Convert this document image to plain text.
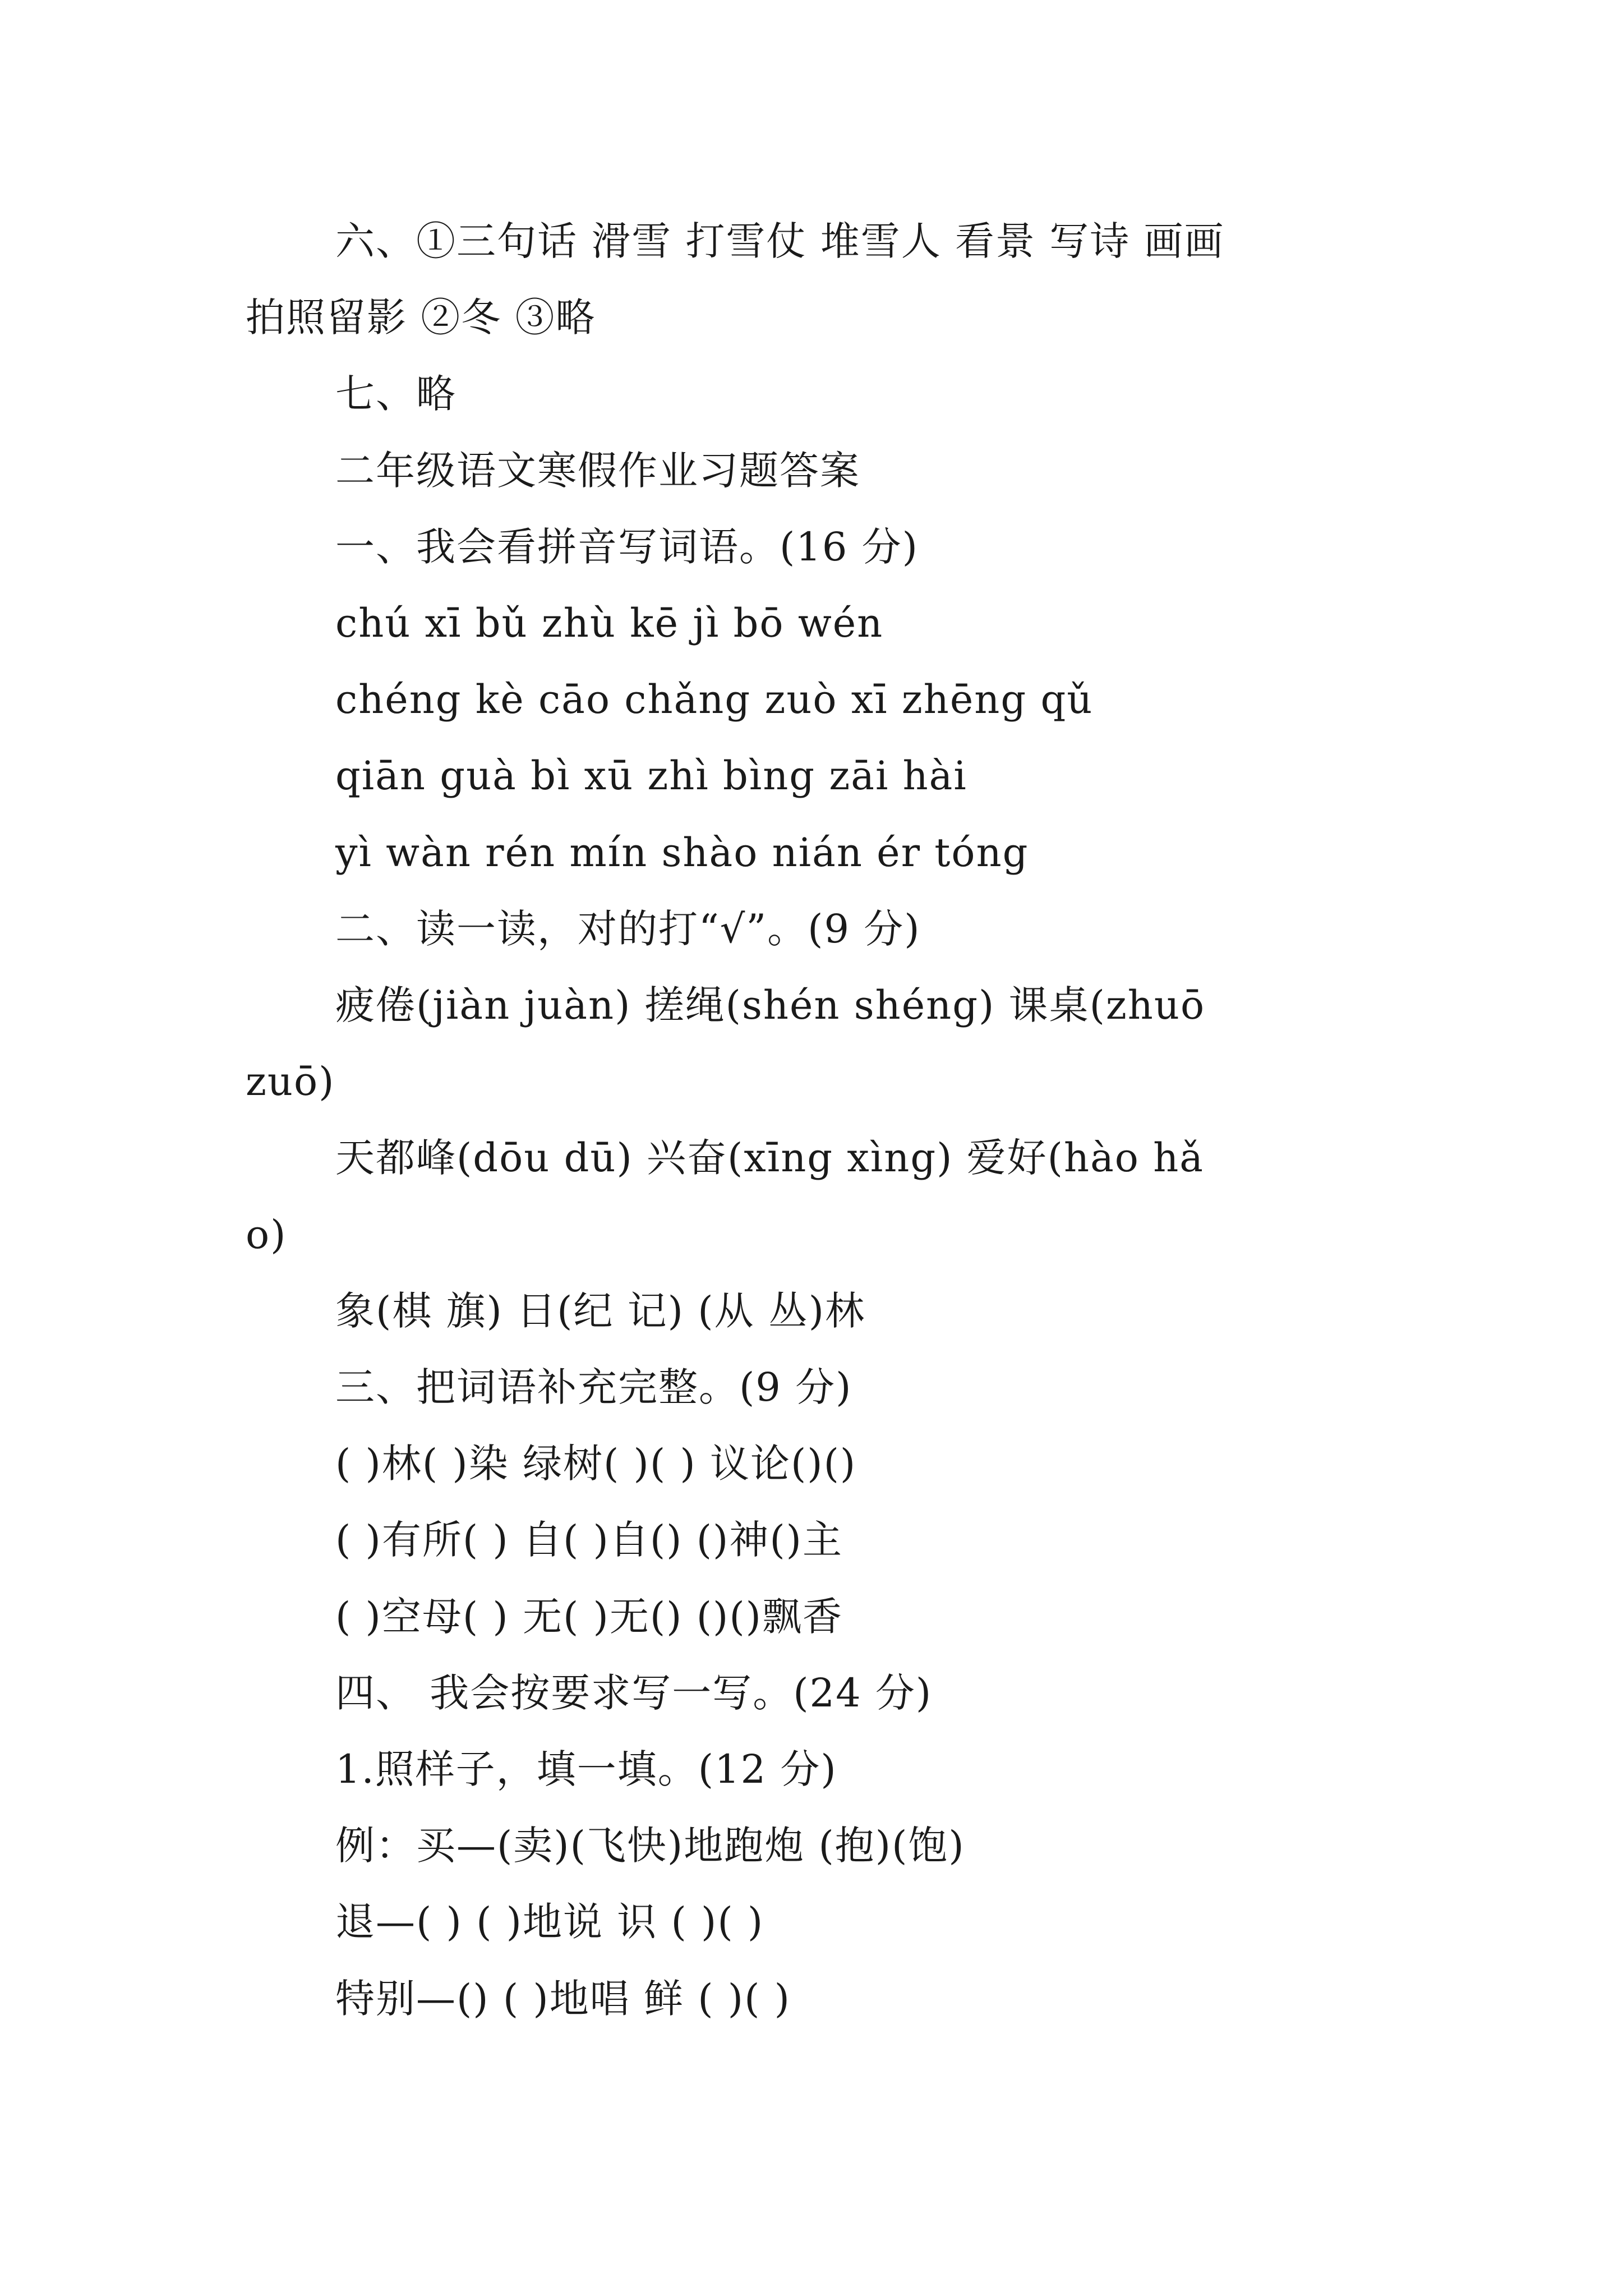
六、①三句话 滑雪 打雪仗 堆雪人 看景 写诗 画画

拍照留影 ②冬 ③略

七、略

二年级语文寒假作业习题答案

一、我会看拼音写词语。(16 分)

chú xī bǔ zhù kē jì bō wén

chéng kè cāo chǎng zuò xī zhēng qǔ

qiān guà bì xū zhì bìng zāi hài

yì wàn rén mín shào nián ér tóng

二、读一读，对的打“√”。(9 分)

疲倦(jiàn juàn) 搓绳(shén shéng) 课桌(zhuō

zuō)

天都峰(dōu dū) 兴奋(xīng xìng) 爱好(hào hǎ

o)

象(棋 旗) 日(纪 记) (从 丛)林

三、把词语补充完整。(9 分)

( )林( )染 绿树( )( ) 议论()()

( )有所( ) 自( )自() ()神()主

( )空母( ) 无( )无() ()()飘香

四、 我会按要求写一写。(24 分)

1.照样子，填一填。(12 分)

例：买—(卖)(飞快)地跑炮 (抱)(饱)

退—( ) ( )地说 识 ( )( )

特别—() ( )地唱 鲜 ( )( )
